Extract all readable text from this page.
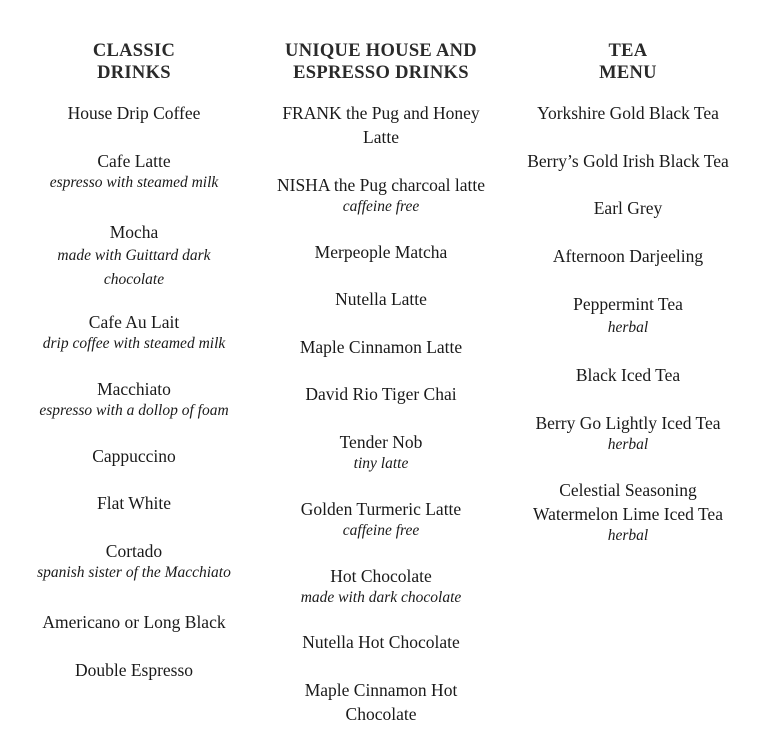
CLASSIC
DRINKS
House Drip Coffee
Cafe Latte
espresso with steamed milk
Mocha
made with Guittard dark
chocolate
Cafe Au Lait
drip coffee with steamed milk
Macchiato
espresso with a dollop of foam
Cappuccino
Flat White
Cortado
spanish sister of the Macchiato
Americano or Long Black
Double Espresso
UNIQUE HOUSE AND
ESPRESSO DRINKS
FRANK the Pug and Honey
Latte
NISHA the Pug charcoal latte
caffeine free
Merpeople Matcha
Nutella Latte
Maple Cinnamon Latte
David Rio Tiger Chai
Tender Nob
tiny latte
Golden Turmeric Latte
caffeine free
Hot Chocolate
made with dark chocolate
Nutella Hot Chocolate
Maple Cinnamon Hot
Chocolate
TEA
MENU
Yorkshire Gold Black Tea
Berry’s Gold Irish Black Tea
Earl Grey
Afternoon Darjeeling
Peppermint Tea
herbal
Black Iced Tea
Berry Go Lightly Iced Tea
herbal
Celestial Seasoning
Watermelon Lime Iced Tea
herbal
